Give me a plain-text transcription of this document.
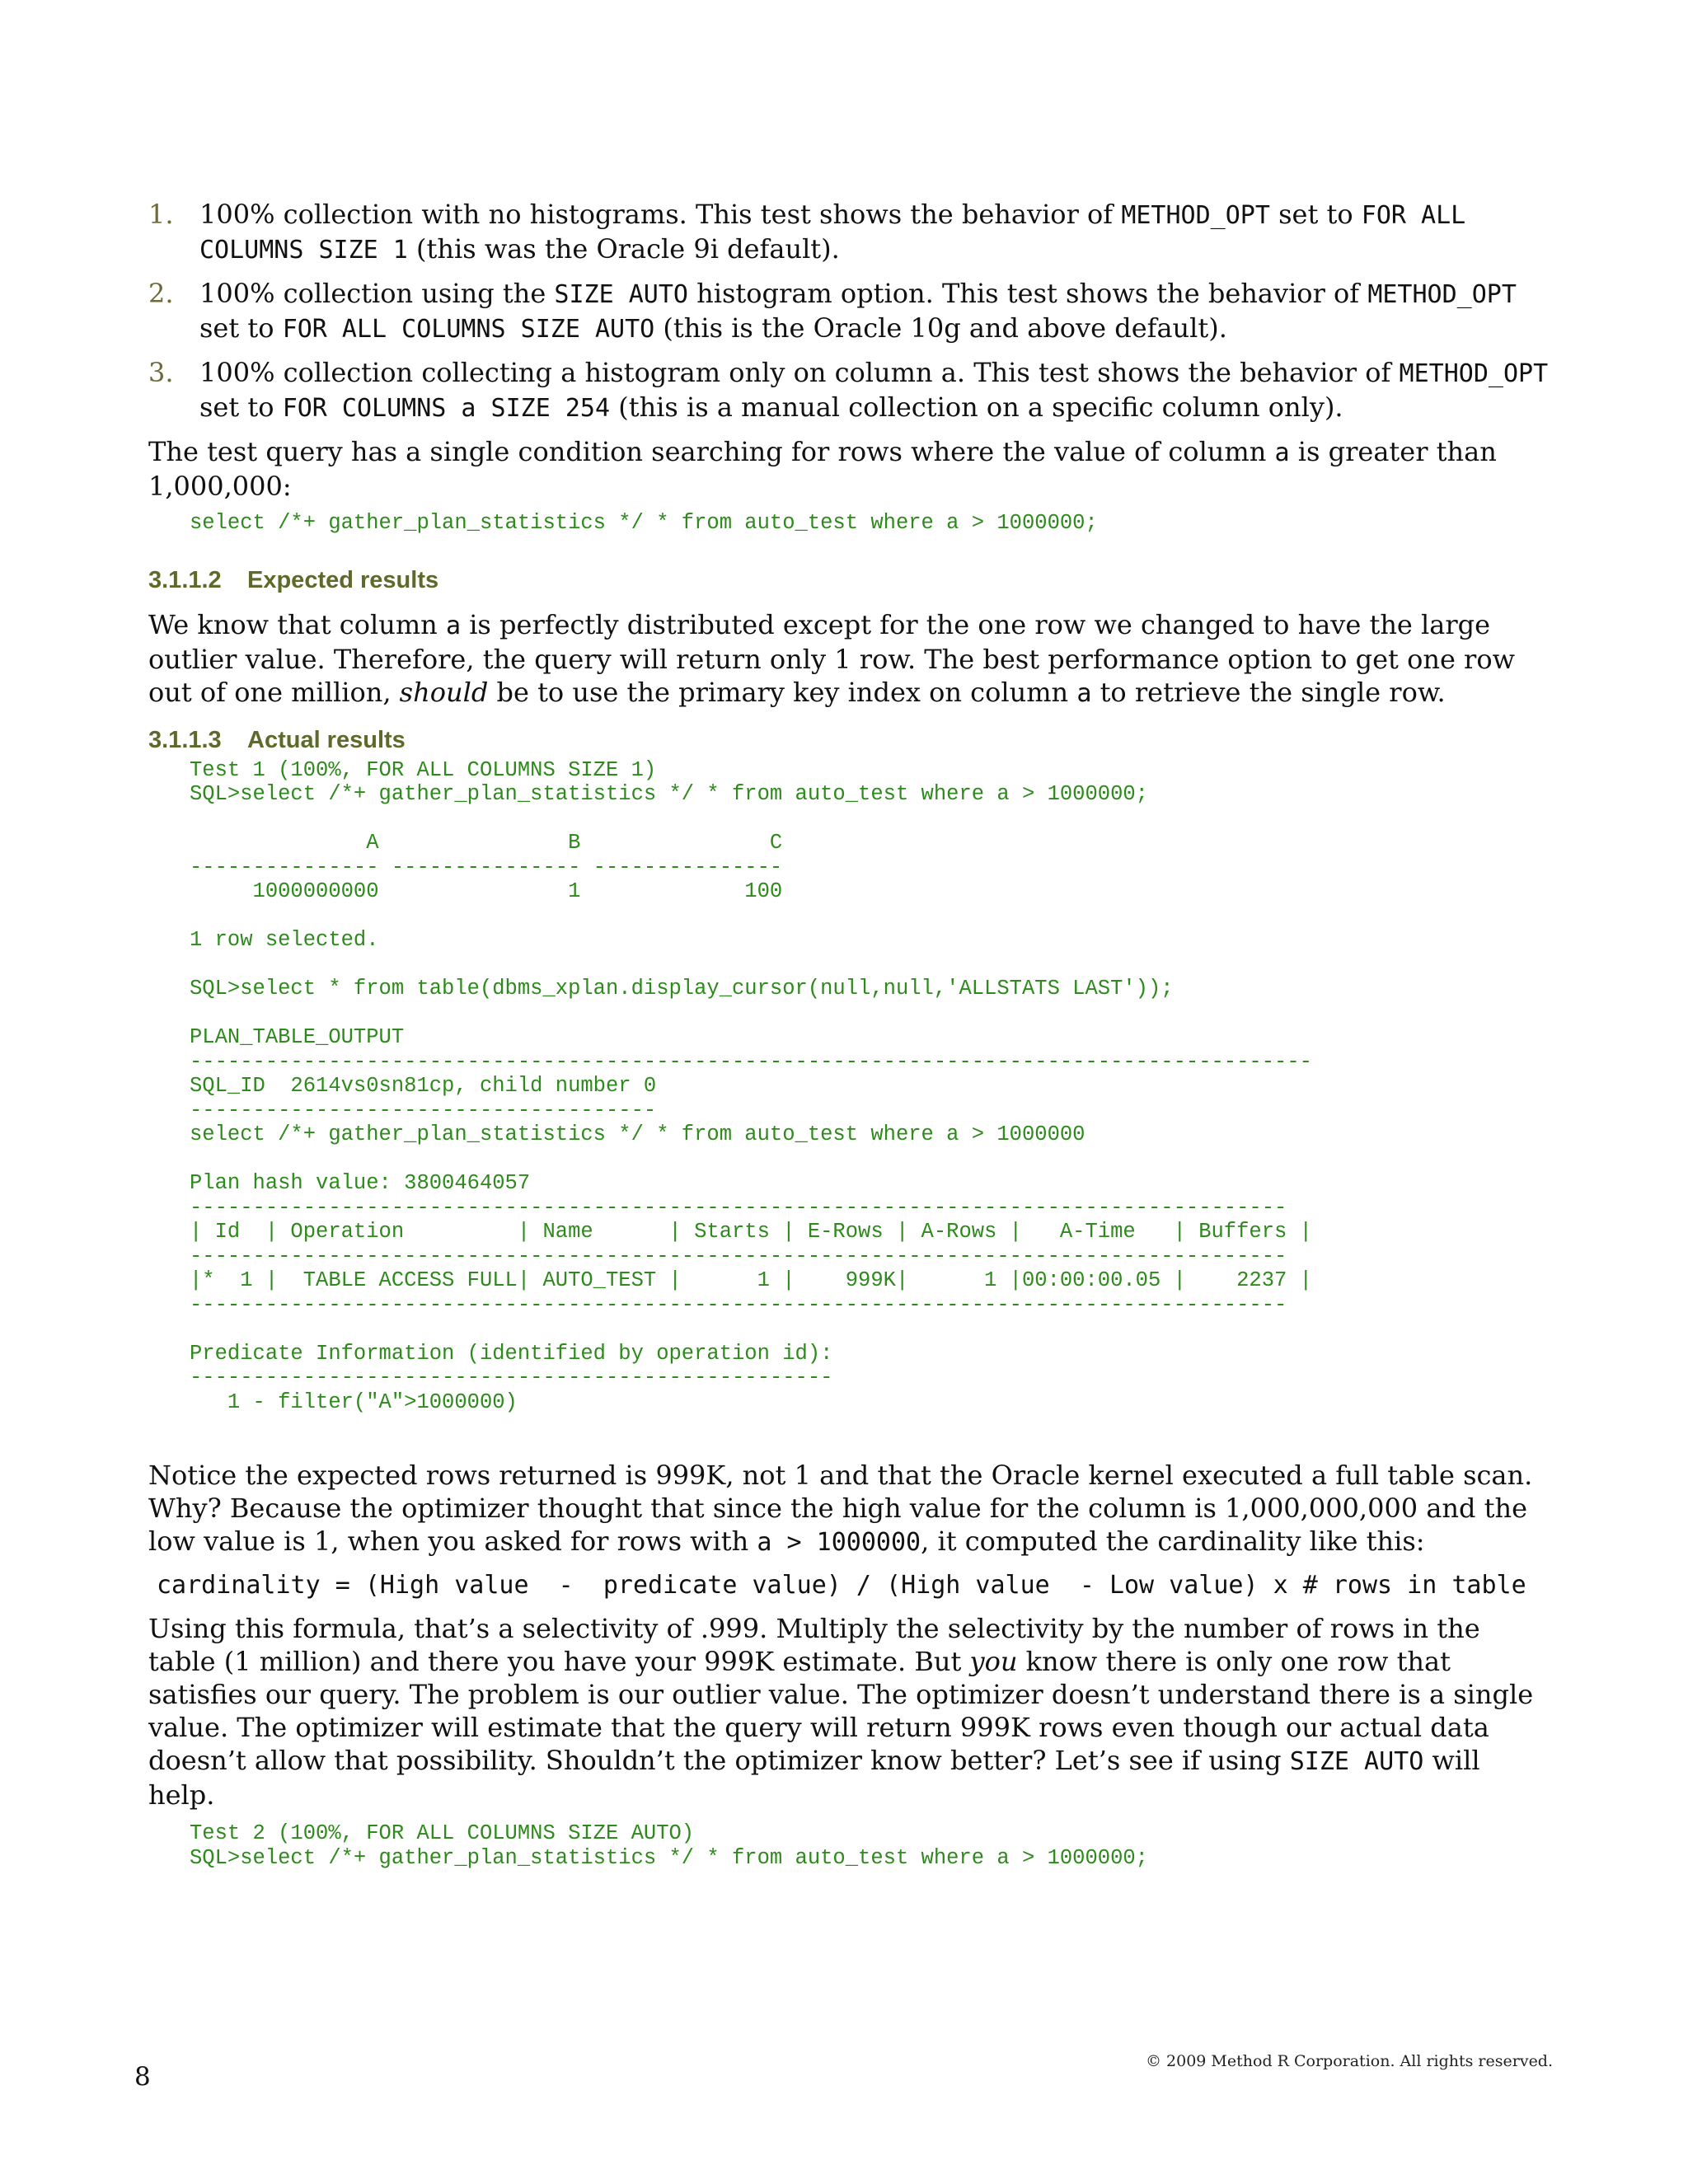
1. 100% collection with no histograms. This test shows the behavior of METHOD_OPT set to FOR ALL COLUMNS SIZE 1 (this was the Oracle 9i default).
2. 100% collection using the SIZE AUTO histogram option. This test shows the behavior of METHOD_OPT set to FOR ALL COLUMNS SIZE AUTO (this is the Oracle 10g and above default).
3. 100% collection collecting a histogram only on column a. This test shows the behavior of METHOD_OPT set to FOR COLUMNS a SIZE 254 (this is a manual collection on a specific column only).

The test query has a single condition searching for rows where the value of column a is greater than 1,000,000:

select /*+ gather_plan_statistics */ * from auto_test where a > 1000000;
3.1.1.2 Expected results

We know that column a is perfectly distributed except for the one row we changed to have the large outlier value. Therefore, the query will return only 1 row. The best performance option to get one row out of one million, should be to use the primary key index on column a to retrieve the single row.

3.1.1.3 Actual results
Test 1 (100%, FOR ALL COLUMNS SIZE 1)
SQL>select /*+ gather_plan_statistics */ * from auto_test where a > 1000000;
A               B               C
--------------- --------------- ---------------
1000000000               1             100
1 row selected.
SQL>select * from table(dbms_xplan.display_cursor(null,null,'ALLSTATS LAST'));
PLAN_TABLE_OUTPUT
-----------------------------------------------------------------------------------------
SQL_ID  2614vs0sn81cp, child number 0
-------------------------------------
select /*+ gather_plan_statistics */ * from auto_test where a > 1000000
Plan hash value: 3800464057
---------------------------------------------------------------------------------------
| Id  | Operation         | Name      | Starts | E-Rows | A-Rows |   A-Time   | Buffers |
---------------------------------------------------------------------------------------
|*  1 |  TABLE ACCESS FULL| AUTO_TEST |      1 |    999K|      1 |00:00:00.05 |    2237 |
---------------------------------------------------------------------------------------
Predicate Information (identified by operation id):
---------------------------------------------------
1 - filter("A">1000000)

Notice the expected rows returned is 999K, not 1 and that the Oracle kernel executed a full table scan. Why? Because the optimizer thought that since the high value for the column is 1,000,000,000 and the low value is 1, when you asked for rows with a > 1000000, it computed the cardinality like this:

cardinality = (High value  -  predicate value) / (High value  - Low value) x # rows in table

Using this formula, that’s a selectivity of .999. Multiply the selectivity by the number of rows in the table (1 million) and there you have your 999K estimate. But you know there is only one row that satisfies our query. The problem is our outlier value. The optimizer doesn’t understand there is a single value. The optimizer will estimate that the query will return 999K rows even though our actual data doesn’t allow that possibility. Shouldn’t the optimizer know better? Let’s see if using SIZE AUTO will help.

Test 2 (100%, FOR ALL COLUMNS SIZE AUTO)
SQL>select /*+ gather_plan_statistics */ * from auto_test where a > 1000000;
© 2009 Method R Corporation. All rights reserved.
8
